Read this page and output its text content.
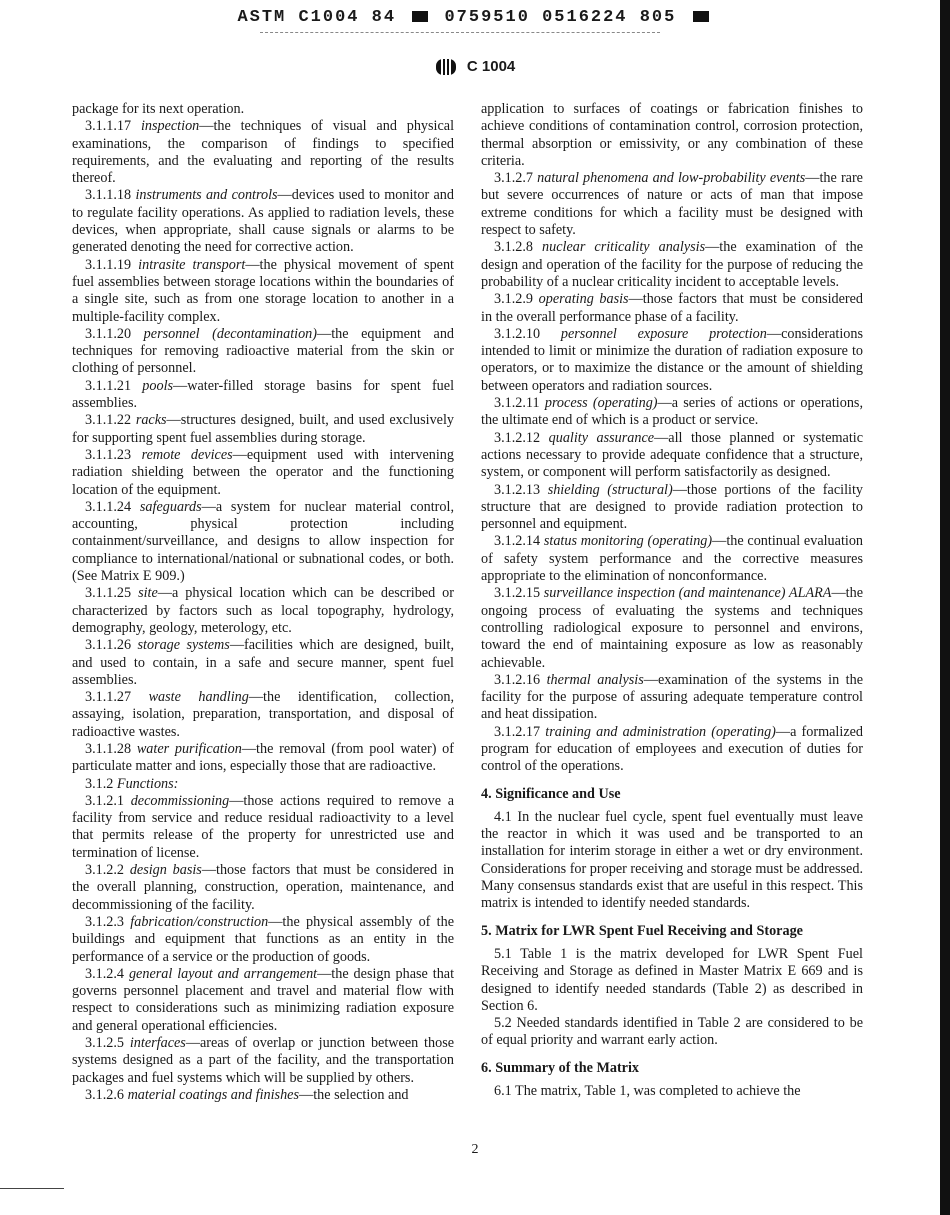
ASTM C1004 84	0759510 0516224 805
C 1004

package for its next operation.

3.1.1.17 inspection—the techniques of visual and physical examinations, the comparison of findings to specified requirements, and the evaluating and reporting of the results thereof.

3.1.1.18 instruments and controls—devices used to monitor and to regulate facility operations. As applied to radiation levels, these devices, when appropriate, shall cause signals or alarms to be generated denoting the need for corrective action.

3.1.1.19 intrasite transport—the physical movement of spent fuel assemblies between storage locations within the boundaries of a single site, such as from one storage location to another in a multiple-facility complex.

3.1.1.20 personnel (decontamination)—the equipment and techniques for removing radioactive material from the skin or clothing of personnel.

3.1.1.21 pools—water-filled storage basins for spent fuel assemblies.

3.1.1.22 racks—structures designed, built, and used exclusively for supporting spent fuel assemblies during storage.

3.1.1.23 remote devices—equipment used with intervening radiation shielding between the operator and the functioning location of the equipment.

3.1.1.24 safeguards—a system for nuclear material control, accounting, physical protection including containment/surveillance, and designs to allow inspection for compliance to international/national or subnational codes, or both. (See Matrix E 909.)

3.1.1.25 site—a physical location which can be described or characterized by factors such as local topography, hydrology, demography, geology, meterology, etc.

3.1.1.26 storage systems—facilities which are designed, built, and used to contain, in a safe and secure manner, spent fuel assemblies.

3.1.1.27 waste handling—the identification, collection, assaying, isolation, preparation, transportation, and disposal of radioactive wastes.

3.1.1.28 water purification—the removal (from pool water) of particulate matter and ions, especially those that are radioactive.

3.1.2 Functions:

3.1.2.1 decommissioning—those actions required to remove a facility from service and reduce residual radioactivity to a level that permits release of the property for unrestricted use and termination of license.

3.1.2.2 design basis—those factors that must be considered in the overall planning, construction, operation, maintenance, and decommissioning of the facility.

3.1.2.3 fabrication/construction—the physical assembly of the buildings and equipment that functions as an entity in the performance of a service or the production of goods.

3.1.2.4 general layout and arrangement—the design phase that governs personnel placement and travel and material flow with respect to considerations such as minimizing radiation exposure and general operational efficiencies.

3.1.2.5 interfaces—areas of overlap or junction between those systems designed as a part of the facility, and the transportation packages and fuel systems which will be supplied by others.

3.1.2.6 material coatings and finishes—the selection and

application to surfaces of coatings or fabrication finishes to achieve conditions of contamination control, corrosion protection, thermal absorption or emissivity, or any combination of these criteria.

3.1.2.7 natural phenomena and low-probability events—the rare but severe occurrences of nature or acts of man that impose extreme conditions for which a facility must be designed with respect to safety.

3.1.2.8 nuclear criticality analysis—the examination of the design and operation of the facility for the purpose of reducing the probability of a nuclear criticality incident to acceptable levels.

3.1.2.9 operating basis—those factors that must be considered in the overall performance phase of a facility.

3.1.2.10 personnel exposure protection—considerations intended to limit or minimize the duration of radiation exposure to operators, or to maximize the distance or the amount of shielding between operators and radiation sources.

3.1.2.11 process (operating)—a series of actions or operations, the ultimate end of which is a product or service.

3.1.2.12 quality assurance—all those planned or systematic actions necessary to provide adequate confidence that a structure, system, or component will perform satisfactorily as designed.

3.1.2.13 shielding (structural)—those portions of the facility structure that are designed to provide radiation protection to personnel and equipment.

3.1.2.14 status monitoring (operating)—the continual evaluation of safety system performance and the corrective measures appropriate to the elimination of nonconformance.

3.1.2.15 surveillance inspection (and maintenance) ALARA—the ongoing process of evaluating the systems and techniques controlling radiological exposure to personnel and environs, toward the end of maintaining exposure as low as reasonably achievable.

3.1.2.16 thermal analysis—examination of the systems in the facility for the purpose of assuring adequate temperature control and heat dissipation.

3.1.2.17 training and administration (operating)—a formalized program for education of employees and execution of duties for control of the operations.

4. Significance and Use

4.1 In the nuclear fuel cycle, spent fuel eventually must leave the reactor in which it was used and be transported to an installation for interim storage in either a wet or dry environment. Considerations for proper receiving and storage must be addressed. Many consensus standards exist that are useful in this respect. This matrix is intended to identify needed standards.

5. Matrix for LWR Spent Fuel Receiving and Storage

5.1 Table 1 is the matrix developed for LWR Spent Fuel Receiving and Storage as defined in Master Matrix E 669 and is designed to identify needed standards (Table 2) as described in Section 6.

5.2 Needed standards identified in Table 2 are considered to be of equal priority and warrant early action.

6. Summary of the Matrix

6.1 The matrix, Table 1, was completed to achieve the

2
